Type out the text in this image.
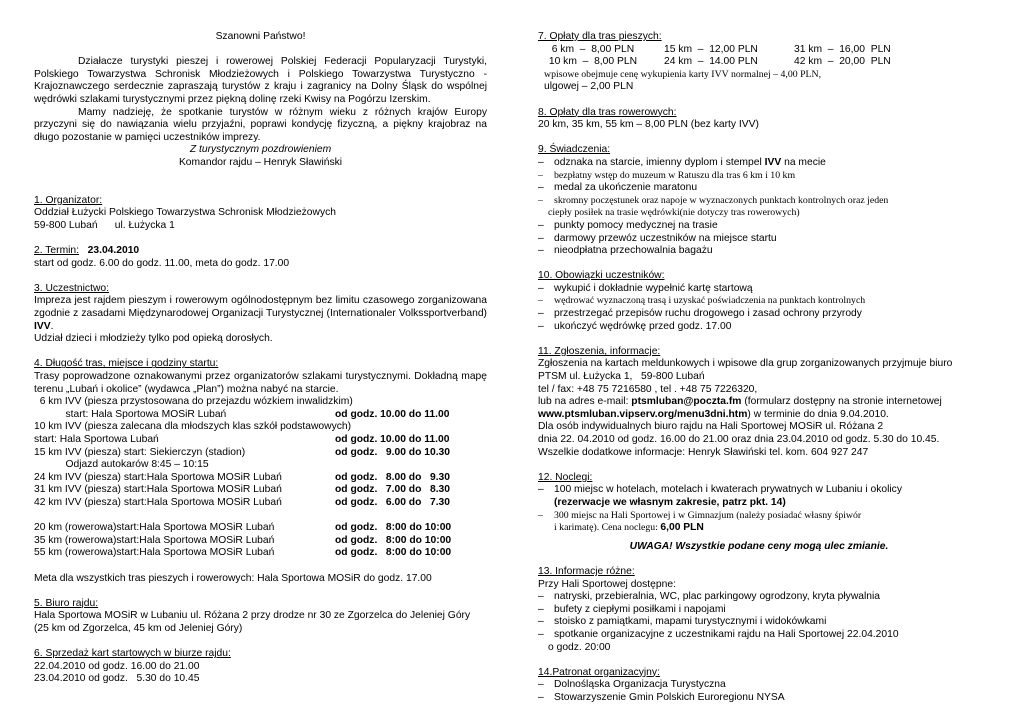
Szanowni Państwo!

Działacze turystyki pieszej i rowerowej Polskiej Federacji Popularyzacji Turystyki, Polskiego Towarzystwa Schronisk Młodzieżowych i Polskiego Towarzystwa Turystyczno - Krajoznawczego serdecznie zapraszają turystów z kraju i zagranicy na Dolny Śląsk do wspólnej wędrówki szlakami turystycznymi przez piękną dolinę rzeki Kwisy na Pogórzu Izerskim.

Mamy nadzieję, że spotkanie turystów w różnym wieku z różnych krajów Europy przyczyni się do nawiązania wielu przyjaźni, poprawi kondycję fizyczną, a piękny krajobraz na długo pozostanie w pamięci uczestników imprezy.

Z turystycznym pozdrowieniem

Komandor rajdu – Henryk Sławiński

1. Organizator:

Oddział Łużycki Polskiego Towarzystwa Schronisk Młodzieżowych

59-800 Lubań      ul. Łużycka 1

2. Termin: 23.04.2010

start od godz. 6.00 do godz. 11.00, meta do godz. 17.00

3. Uczestnictwo:

Impreza jest rajdem pieszym i rowerowym ogólnodostępnym bez limitu czasowego zorganizowana zgodnie z zasadami Międzynarodowej Organizacji Turystycznej (Internationaler Volkssportverband) IVV.

Udział dzieci i młodzieży tylko pod opieką dorosłych.

4. Długość tras, miejsce i godziny startu:

Trasy poprowadzone oznakowanymi przez organizatorów szlakami turystycznymi. Dokładną mapę terenu „Lubań i okolice” (wydawca „Plan”) można nabyć na starcie.

6 km IVV (piesza przystosowana do przejazdu wózkiem inwalidzkim)
start: Hala Sportowa MOSiR Lubań	od godz. 10.00 do 11.00
10 km IVV (piesza zalecana dla młodszych klas szkół podstawowych)
start: Hala Sportowa Lubań	od godz. 10.00 do 11.00
15 km IVV (piesza) start: Siekierczyn (stadion)	od godz.   9.00 do 10.30
Odjazd autokarów 8:45 – 10:15
24 km IVV (piesza) start:Hala Sportowa MOSiR Lubań	od godz.   8.00 do   9.30
31 km IVV (piesza) start:Hala Sportowa MOSiR Lubań	od godz.   7.00 do   8.30
42 km IVV (piesza) start:Hala Sportowa MOSiR Lubań	od godz.   6.00 do   7.30
20 km (rowerowa)start:Hala Sportowa MOSiR Lubań	od godz.   8:00 do 10:00
35 km (rowerowa)start:Hala Sportowa MOSiR Lubań	od godz.   8:00 do 10:00
55 km (rowerowa)start:Hala Sportowa MOSiR Lubań	od godz.   8:00 do 10:00

Meta dla wszystkich tras pieszych i rowerowych: Hala Sportowa MOSiR do godz. 17.00

5. Biuro rajdu:

Hala Sportowa MOSiR w Lubaniu ul. Różana 2 przy drodze nr 30 ze Zgorzelca do Jeleniej Góry (25 km od Zgorzelca, 45 km od Jeleniej Góry)

6. Sprzedaż kart startowych w biurze rajdu:

22.04.2010 od godz. 16.00 do 21.00

23.04.2010 od godz.   5.30 do 10.45

7. Opłaty dla tras pieszych:

6 km  –  8,00 PLN	15 km  –  12,00 PLN	31 km  –  16,00  PLN
10 km  –  8,00 PLN	24 km  –  14.00 PLN	42 km  –  20,00  PLN

wpisowe obejmuje cenę wykupienia karty IVV normalnej – 4,00 PLN,

ulgowej – 2,00 PLN

8. Opłaty dla tras rowerowych:

20 km, 35 km, 55 km – 8,00 PLN (bez karty IVV)

9. Świadczenia:

– odznaka na starcie, imienny dyplom i stempel IVV na mecie
–	bezpłatny wstęp do muzeum w Ratuszu dla tras 6 km i 10 km
– medal za ukończenie maratonu
–	skromny poczęstunek oraz napoje w wyznaczonych punktach kontrolnych oraz jeden

ciepły posiłek na trasie wędrówki(nie dotyczy tras rowerowych)

– punkty pomocy medycznej na trasie
– darmowy przewóz uczestników na miejsce startu
– nieodpłatna przechowalnia bagażu

10. Obowiązki uczestników:

– wykupić i dokładnie wypełnić kartę startową
–	wędrować wyznaczoną trasą i uzyskać poświadczenia na punktach kontrolnych
– przestrzegać przepisów ruchu drogowego i zasad ochrony przyrody
– ukończyć wędrówkę przed godz. 17.00

11. Zgłoszenia, informacje:

Zgłoszenia na kartach meldunkowych i wpisowe dla grup zorganizowanych przyjmuje biuro

PTSM ul. Łużycka 1,   59-800 Lubań

tel / fax: +48 75 7216580 , tel . +48 75 7226320,

lub na adres e-mail: ptsmluban@poczta.fm (formularz dostępny na stronie internetowej

www.ptsmluban.vipserv.org/menu3dni.htm) w terminie do dnia 9.04.2010.

Dla osób indywidualnych biuro rajdu na Hali Sportowej MOSiR ul. Różana 2

dnia 22. 04.2010 od godz. 16.00 do 21.00 oraz dnia 23.04.2010 od godz. 5.30 do 10.45.

Wszelkie dodatkowe informacje: Henryk Sławiński tel. kom. 604 927 247

12. Noclegi:

– 100 miejsc w hotelach, motelach i kwaterach prywatnych w Lubaniu i okolicy

(rezerwacje we własnym zakresie, patrz pkt. 14)

–	300 miejsc na Hali Sportowej i w Gimnazjum (należy posiadać własny śpiwór

i karimatę). Cena noclegu: 6,00 PLN

UWAGA! Wszystkie podane ceny mogą ulec zmianie.

13. Informacje różne:

Przy Hali Sportowej dostępne:

– natryski, przebieralnia, WC, plac parkingowy ogrodzony, kryta pływalnia
– bufety z ciepłymi posiłkami i napojami
– stoisko z pamiątkami, mapami turystycznymi i widokówkami
– spotkanie organizacyjne z uczestnikami rajdu na Hali Sportowej 22.04.2010

o godz. 20:00

14.Patronat organizacyjny:

– Dolnośląska Organizacja Turystyczna
– Stowarzyszenie Gmin Polskich Euroregionu NYSA
